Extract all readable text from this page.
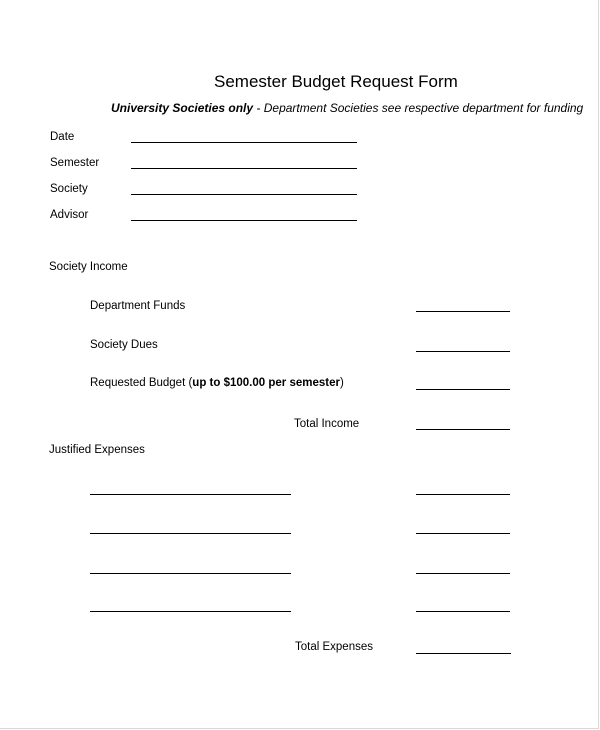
Semester Budget Request Form
University Societies only - Department Societies see respective department for funding
Date
Semester
Society
Advisor
Society Income
Department Funds
Society Dues
Requested Budget (up to $100.00 per semester)
Total Income
Justified Expenses
Total Expenses
